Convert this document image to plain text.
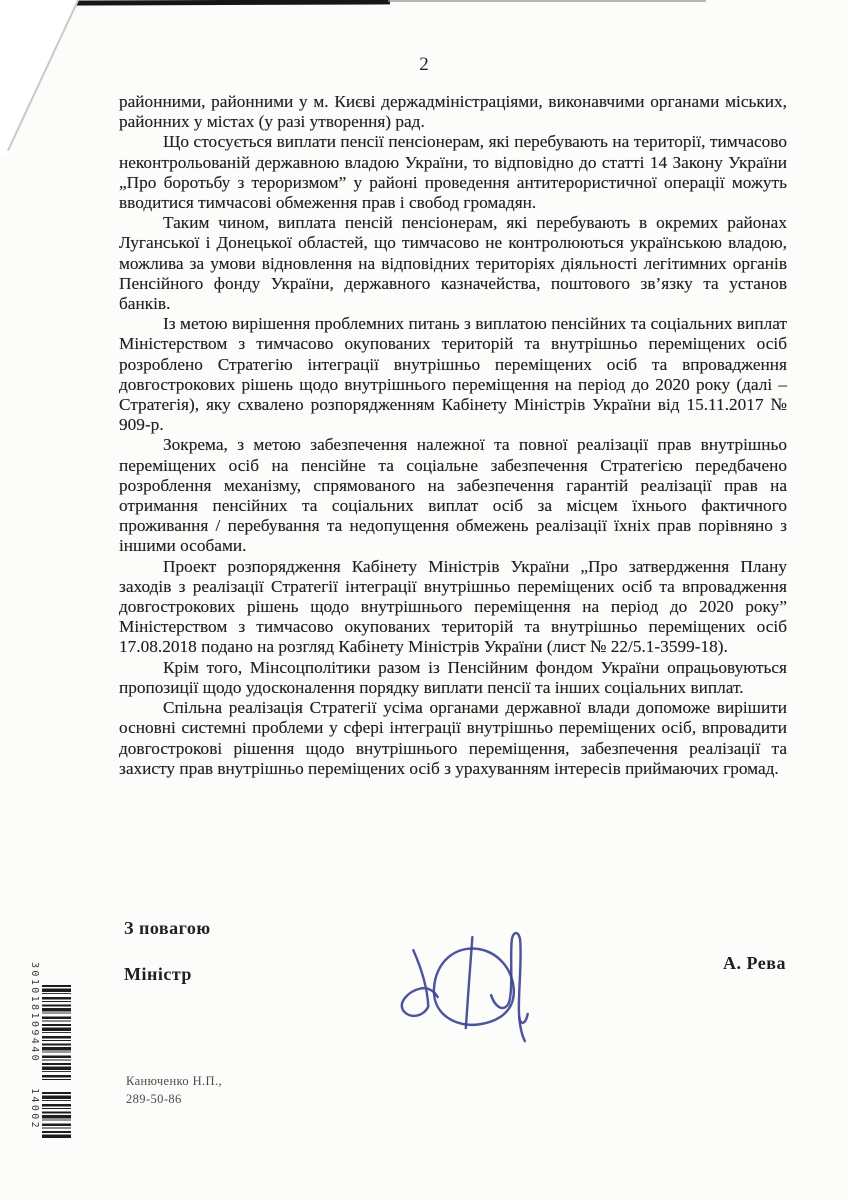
2

районними, районними у м. Києві держадміністраціями, виконавчими органами міських, районних у містах (у разі утворення) рад.

Що стосується виплати пенсії пенсіонерам, які перебувають на території, тимчасово неконтрольованій державною владою України, то відповідно до статті 14 Закону України „Про боротьбу з тероризмом” у районі проведення антитерористичної операції можуть вводитися тимчасові обмеження прав і свобод громадян.

Таким чином, виплата пенсій пенсіонерам, які перебувають в окремих районах Луганської і Донецької областей, що тимчасово не контролюються українською владою, можлива за умови відновлення на відповідних територіях діяльності легітимних органів Пенсійного фонду України, державного казначейства, поштового зв’язку та установ банків.

Із метою вирішення проблемних питань з виплатою пенсійних та соціальних виплат Міністерством з тимчасово окупованих територій та внутрішньо переміщених осіб розроблено Стратегію інтеграції внутрішньо переміщених осіб та впровадження довгострокових рішень щодо внутрішнього переміщення на період до 2020 року (далі – Стратегія), яку схвалено розпорядженням Кабінету Міністрів України від 15.11.2017 № 909-р.

Зокрема, з метою забезпечення належної та повної реалізації прав внутрішньо переміщених осіб на пенсійне та соціальне забезпечення Стратегією передбачено розроблення механізму, спрямованого на забезпечення гарантій реалізації прав на отримання пенсійних та соціальних виплат осіб за місцем їхнього фактичного проживання / перебування та недопущення обмежень реалізації їхніх прав порівняно з іншими особами.

Проект розпорядження Кабінету Міністрів України „Про затвердження Плану заходів з реалізації Стратегії інтеграції внутрішньо переміщених осіб та впровадження довгострокових рішень щодо внутрішнього переміщення на період до 2020 року” Міністерством з тимчасово окупованих територій та внутрішньо переміщених осіб 17.08.2018 подано на розгляд Кабінету Міністрів України (лист № 22/5.1-3599-18).

Крім того, Мінсоцполітики разом із Пенсійним фондом України опрацьовуються пропозиції щодо удосконалення порядку виплати пенсії та інших соціальних виплат.

Спільна реалізація Стратегії усіма органами державної влади допоможе вирішити основні системні проблеми у сфері інтеграції внутрішньо переміщених осіб, впровадити довгострокові рішення щодо внутрішнього переміщення, забезпечення реалізації та захисту прав внутрішньо переміщених осіб з урахуванням інтересів приймаючих громад.

З повагою
Міністр
А. Рева
301018109440
14002
Канюченко Н.П.,
289-50-86
